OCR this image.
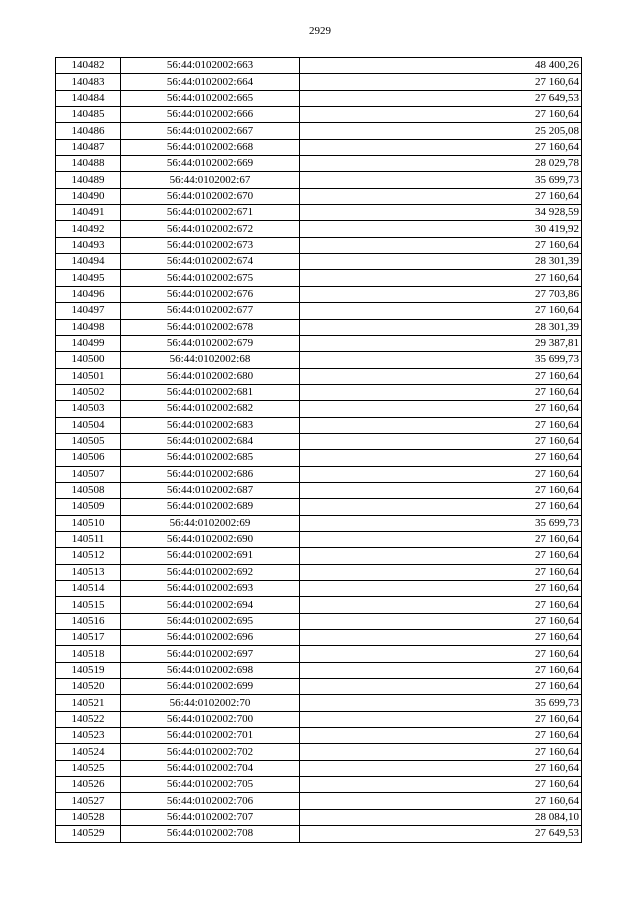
2929
140482	56:44:0102002:663	48 400,26
140483	56:44:0102002:664	27 160,64
140484	56:44:0102002:665	27 649,53
140485	56:44:0102002:666	27 160,64
140486	56:44:0102002:667	25 205,08
140487	56:44:0102002:668	27 160,64
140488	56:44:0102002:669	28 029,78
140489	56:44:0102002:67	35 699,73
140490	56:44:0102002:670	27 160,64
140491	56:44:0102002:671	34 928,59
140492	56:44:0102002:672	30 419,92
140493	56:44:0102002:673	27 160,64
140494	56:44:0102002:674	28 301,39
140495	56:44:0102002:675	27 160,64
140496	56:44:0102002:676	27 703,86
140497	56:44:0102002:677	27 160,64
140498	56:44:0102002:678	28 301,39
140499	56:44:0102002:679	29 387,81
140500	56:44:0102002:68	35 699,73
140501	56:44:0102002:680	27 160,64
140502	56:44:0102002:681	27 160,64
140503	56:44:0102002:682	27 160,64
140504	56:44:0102002:683	27 160,64
140505	56:44:0102002:684	27 160,64
140506	56:44:0102002:685	27 160,64
140507	56:44:0102002:686	27 160,64
140508	56:44:0102002:687	27 160,64
140509	56:44:0102002:689	27 160,64
140510	56:44:0102002:69	35 699,73
140511	56:44:0102002:690	27 160,64
140512	56:44:0102002:691	27 160,64
140513	56:44:0102002:692	27 160,64
140514	56:44:0102002:693	27 160,64
140515	56:44:0102002:694	27 160,64
140516	56:44:0102002:695	27 160,64
140517	56:44:0102002:696	27 160,64
140518	56:44:0102002:697	27 160,64
140519	56:44:0102002:698	27 160,64
140520	56:44:0102002:699	27 160,64
140521	56:44:0102002:70	35 699,73
140522	56:44:0102002:700	27 160,64
140523	56:44:0102002:701	27 160,64
140524	56:44:0102002:702	27 160,64
140525	56:44:0102002:704	27 160,64
140526	56:44:0102002:705	27 160,64
140527	56:44:0102002:706	27 160,64
140528	56:44:0102002:707	28 084,10
140529	56:44:0102002:708	27 649,53
